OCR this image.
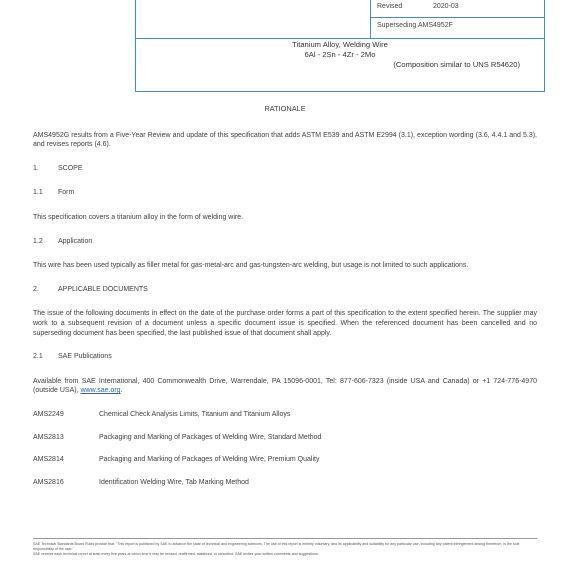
Revised	2020-03
Superseding AMS4952F
Titanium Alloy, Welding Wire
6Al - 2Sn - 4Zr - 2Mo

(Composition similar to UNS R54620)
RATIONALE

AMS4952G results from a Five-Year Review and update of this specification that adds ASTM E539 and ASTM E2994 (3.1), exception wording (3.6, 4.4.1 and 5.3), and revises reports (4.6).

1.	SCOPE
1.1 Form

This specification covers a titanium alloy in the form of welding wire.

1.2 Application

This wire has been used typically as filler metal for gas-metal-arc and gas-tungsten-arc welding, but usage is not limited to such applications.

2.	APPLICABLE DOCUMENTS

The issue of the following documents in effect on the date of the purchase order forms a part of this specification to the extent specified herein. The supplier may work to a subsequent revision of a document unless a specific document issue is specified. When the referenced document has been cancelled and no superseding document has been specified, the last published issue of that document shall apply.

2.1 SAE Publications

Available from SAE International, 400 Commonwealth Drive, Warrendale, PA 15096-0001, Tel: 877-606-7323 (inside USA and Canada) or +1 724-776-4970 (outside USA), www.sae.org.

AMS2249	Chemical Check Analysis Limits, Titanium and Titanium Alloys
AMS2813	Packaging and Marking of Packages of Welding Wire, Standard Method
AMS2814	Packaging and Marking of Packages of Welding Wire, Premium Quality
AMS2816	Identification Welding Wire, Tab Marking Method
SAE Technical Standards Board Rules provide that: "This report is published by SAE to advance the state of technical and engineering sciences. The use of this report is entirely voluntary, and its applicability and suitability for any particular use, including any patent infringement arising therefrom, is the sole responsibility of the user."
SAE reviews each technical report at least every five years at which time it may be revised, reaffirmed, stabilized, or cancelled. SAE invites your written comments and suggestions.
